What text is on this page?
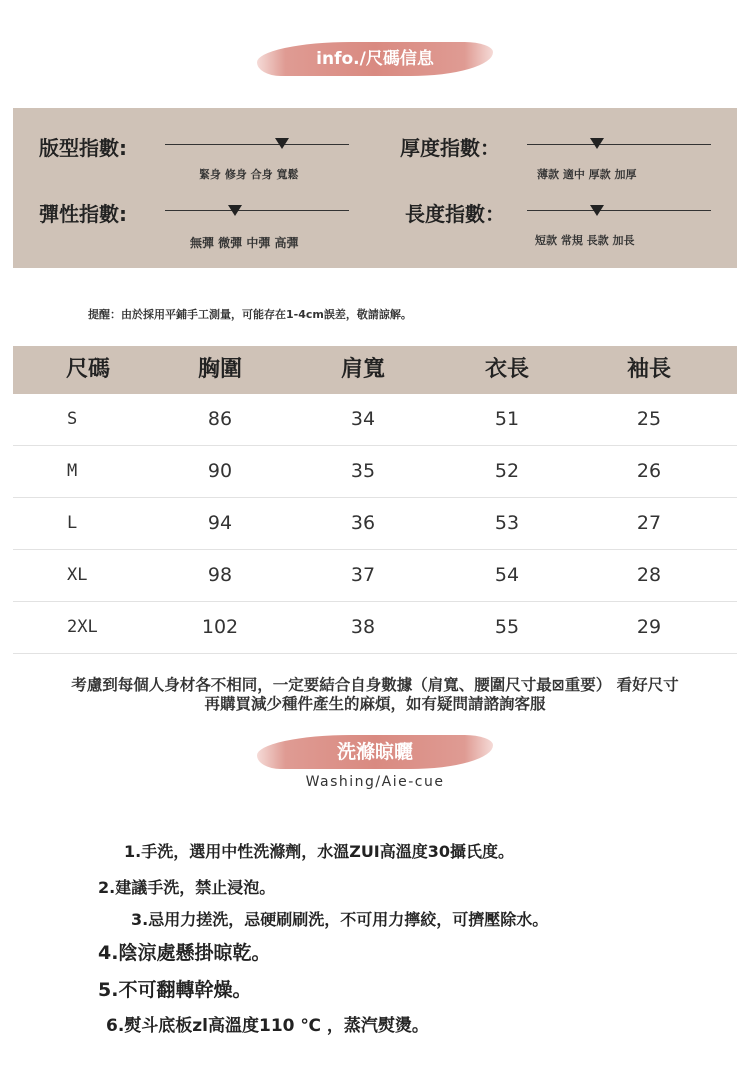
info./尺碼信息
版型指數:
緊身 修身 合身 寬鬆
厚度指數：
薄款 適中 厚款 加厚
彈性指數:
無彈 微彈 中彈 高彈
長度指數：
短款 常規 長款 加長
提醒：由於採用平鋪手工測量，可能存在1-4cm誤差，敬請諒解。
尺碼	胸圍	肩寬	衣長	袖長
S	86	34	51	25
M	90	35	52	26
L	94	36	53	27
XL	98	37	54	28
2XL	102	38	55	29
考慮到每個人身材各不相同，一定要結合自身數據（肩寬、腰圍尺寸最⊠重要） 看好尺寸
再購買減少種件產生的麻煩，如有疑問請諮詢客服
洗滌晾曬
Washing/Aie-cue
1.手洗，選用中性洗滌劑，水溫ZUI高溫度30攝氏度。
2.建議手洗，禁止浸泡。
3.忌用力搓洗，忌硬刷刷洗，不可用力擰絞，可擠壓除水。
4.陰涼處懸掛晾乾。
5.不可翻轉幹燥。
6.熨斗底板zl高溫度110 ℃ ，蒸汽熨燙。
